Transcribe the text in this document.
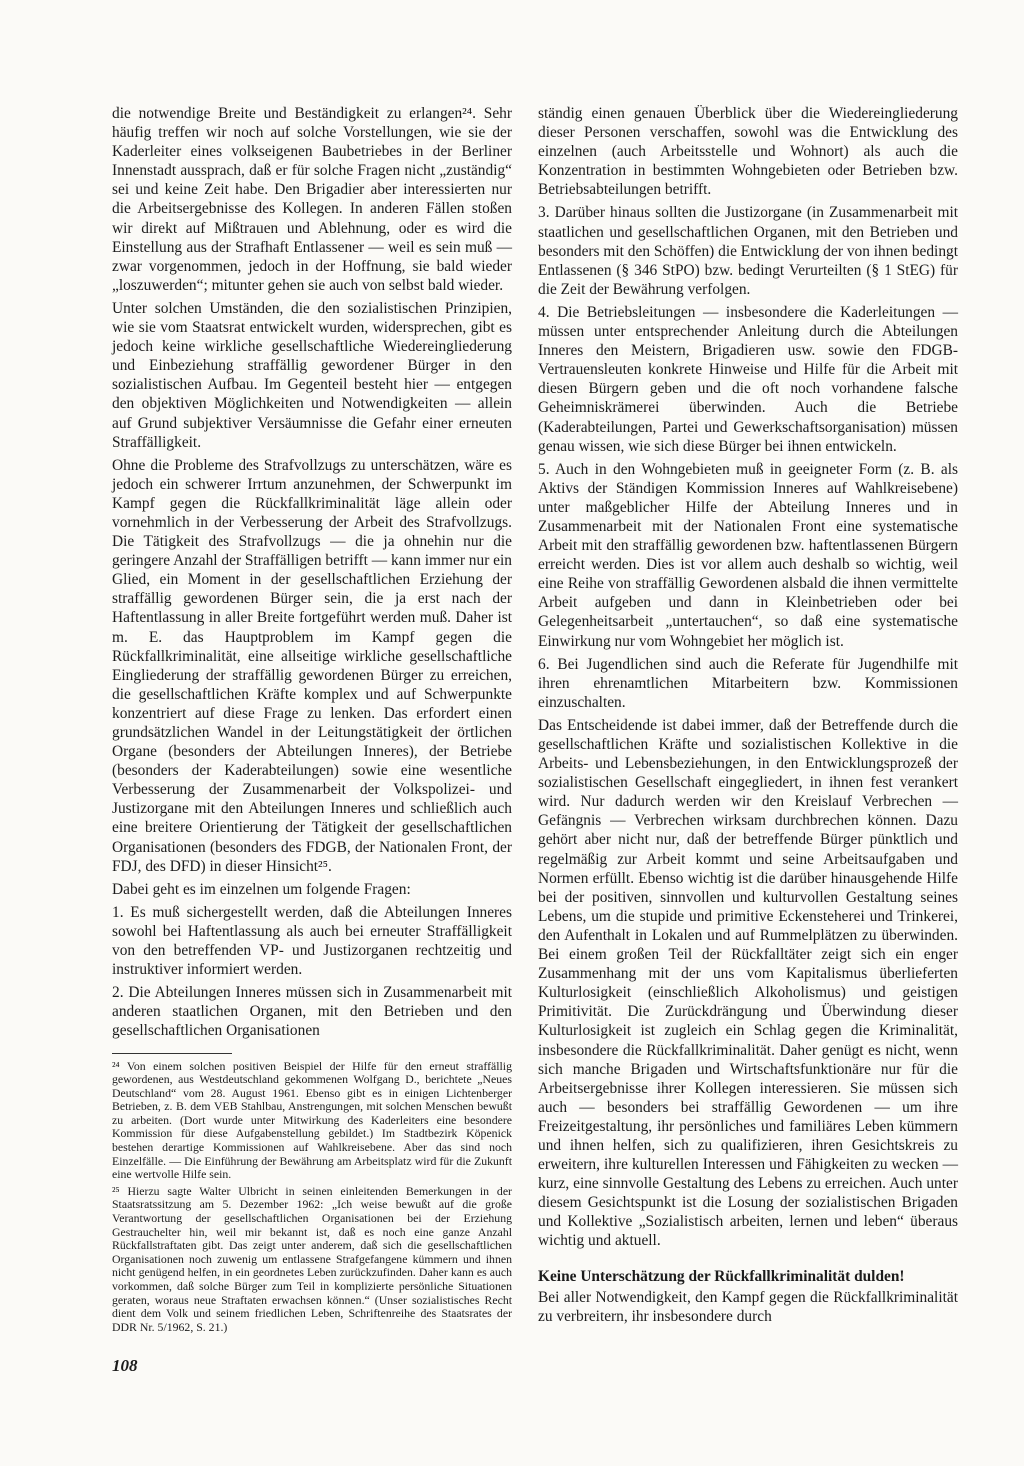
die notwendige Breite und Beständigkeit zu erlangen²⁴. Sehr häufig treffen wir noch auf solche Vorstellungen, wie sie der Kaderleiter eines volkseigenen Baubetriebes in der Berliner Innenstadt aussprach, daß er für solche Fragen nicht „zuständig“ sei und keine Zeit habe. Den Brigadier aber interessierten nur die Arbeitsergebnisse des Kollegen. In anderen Fällen stoßen wir direkt auf Mißtrauen und Ablehnung, oder es wird die Einstellung aus der Strafhaft Entlassener — weil es sein muß — zwar vorgenommen, jedoch in der Hoffnung, sie bald wieder „loszuwerden“; mitunter gehen sie auch von selbst bald wieder.

Unter solchen Umständen, die den sozialistischen Prinzipien, wie sie vom Staatsrat entwickelt wurden, widersprechen, gibt es jedoch keine wirkliche gesellschaftliche Wiedereingliederung und Einbeziehung straffällig gewordener Bürger in den sozialistischen Aufbau. Im Gegenteil besteht hier — entgegen den objektiven Möglichkeiten und Notwendigkeiten — allein auf Grund subjektiver Versäumnisse die Gefahr einer erneuten Straffälligkeit.

Ohne die Probleme des Strafvollzugs zu unterschätzen, wäre es jedoch ein schwerer Irrtum anzunehmen, der Schwerpunkt im Kampf gegen die Rückfallkriminalität läge allein oder vornehmlich in der Verbesserung der Arbeit des Strafvollzugs. Die Tätigkeit des Strafvollzugs — die ja ohnehin nur die geringere Anzahl der Straffälligen betrifft — kann immer nur ein Glied, ein Moment in der gesellschaftlichen Erziehung der straffällig gewordenen Bürger sein, die ja erst nach der Haftentlassung in aller Breite fortgeführt werden muß. Daher ist m. E. das Hauptproblem im Kampf gegen die Rückfallkriminalität, eine allseitige wirkliche gesellschaftliche Eingliederung der straffällig gewordenen Bürger zu erreichen, die gesellschaftlichen Kräfte komplex und auf Schwerpunkte konzentriert auf diese Frage zu lenken. Das erfordert einen grundsätzlichen Wandel in der Leitungstätigkeit der örtlichen Organe (besonders der Abteilungen Inneres), der Betriebe (besonders der Kaderabteilungen) sowie eine wesentliche Verbesserung der Zusammenarbeit der Volkspolizei- und Justizorgane mit den Abteilungen Inneres und schließlich auch eine breitere Orientierung der Tätigkeit der gesellschaftlichen Organisationen (besonders des FDGB, der Nationalen Front, der FDJ, des DFD) in dieser Hinsicht²⁵.

Dabei geht es im einzelnen um folgende Fragen:

1. Es muß sichergestellt werden, daß die Abteilungen Inneres sowohl bei Haftentlassung als auch bei erneuter Straffälligkeit von den betreffenden VP- und Justizorganen rechtzeitig und instruktiver informiert werden.

2. Die Abteilungen Inneres müssen sich in Zusammenarbeit mit anderen staatlichen Organen, mit den Betrieben und den gesellschaftlichen Organisationen

²⁴ Von einem solchen positiven Beispiel der Hilfe für den erneut straffällig gewordenen, aus Westdeutschland gekommenen Wolfgang D., berichtete „Neues Deutschland“ vom 28. August 1961. Ebenso gibt es in einigen Lichtenberger Betrieben, z. B. dem VEB Stahlbau, Anstrengungen, mit solchen Menschen bewußt zu arbeiten. (Dort wurde unter Mitwirkung des Kaderleiters eine besondere Kommission für diese Aufgabenstellung gebildet.) Im Stadtbezirk Köpenick bestehen derartige Kommissionen auf Wahlkreisebene. Aber das sind noch Einzelfälle. — Die Einführung der Bewährung am Arbeitsplatz wird für die Zukunft eine wertvolle Hilfe sein.

²⁵ Hierzu sagte Walter Ulbricht in seinen einleitenden Bemerkungen in der Staatsratssitzung am 5. Dezember 1962: „Ich weise bewußt auf die große Verantwortung der gesellschaftlichen Organisationen bei der Erziehung Gestrauchelter hin, weil mir bekannt ist, daß es noch eine ganze Anzahl Rückfallstraftaten gibt. Das zeigt unter anderem, daß sich die gesellschaftlichen Organisationen noch zuwenig um entlassene Strafgefangene kümmern und ihnen nicht genügend helfen, in ein geordnetes Leben zurückzufinden. Daher kann es auch vorkommen, daß solche Bürger zum Teil in komplizierte persönliche Situationen geraten, woraus neue Straftaten erwachsen können.“ (Unser sozialistisches Recht dient dem Volk und seinem friedlichen Leben, Schriftenreihe des Staatsrates der DDR Nr. 5/1962, S. 21.)

ständig einen genauen Überblick über die Wiedereingliederung dieser Personen verschaffen, sowohl was die Entwicklung des einzelnen (auch Arbeitsstelle und Wohnort) als auch die Konzentration in bestimmten Wohngebieten oder Betrieben bzw. Betriebsabteilungen betrifft.

3. Darüber hinaus sollten die Justizorgane (in Zusammenarbeit mit staatlichen und gesellschaftlichen Organen, mit den Betrieben und besonders mit den Schöffen) die Entwicklung der von ihnen bedingt Entlassenen (§ 346 StPO) bzw. bedingt Verurteilten (§ 1 StEG) für die Zeit der Bewährung verfolgen.

4. Die Betriebsleitungen — insbesondere die Kaderleitungen — müssen unter entsprechender Anleitung durch die Abteilungen Inneres den Meistern, Brigadieren usw. sowie den FDGB-Vertrauensleuten konkrete Hinweise und Hilfe für die Arbeit mit diesen Bürgern geben und die oft noch vorhandene falsche Geheimniskrämerei überwinden. Auch die Betriebe (Kaderabteilungen, Partei und Gewerkschaftsorganisation) müssen genau wissen, wie sich diese Bürger bei ihnen entwickeln.

5. Auch in den Wohngebieten muß in geeigneter Form (z. B. als Aktivs der Ständigen Kommission Inneres auf Wahlkreisebene) unter maßgeblicher Hilfe der Abteilung Inneres und in Zusammenarbeit mit der Nationalen Front eine systematische Arbeit mit den straffällig gewordenen bzw. haftentlassenen Bürgern erreicht werden. Dies ist vor allem auch deshalb so wichtig, weil eine Reihe von straffällig Gewordenen alsbald die ihnen vermittelte Arbeit aufgeben und dann in Kleinbetrieben oder bei Gelegenheitsarbeit „untertauchen“, so daß eine systematische Einwirkung nur vom Wohngebiet her möglich ist.

6. Bei Jugendlichen sind auch die Referate für Jugendhilfe mit ihren ehrenamtlichen Mitarbeitern bzw. Kommissionen einzuschalten.

Das Entscheidende ist dabei immer, daß der Betreffende durch die gesellschaftlichen Kräfte und sozialistischen Kollektive in die Arbeits- und Lebensbeziehungen, in den Entwicklungsprozeß der sozialistischen Gesellschaft eingegliedert, in ihnen fest verankert wird. Nur dadurch werden wir den Kreislauf Verbrechen — Gefängnis — Verbrechen wirksam durchbrechen können. Dazu gehört aber nicht nur, daß der betreffende Bürger pünktlich und regelmäßig zur Arbeit kommt und seine Arbeitsaufgaben und Normen erfüllt. Ebenso wichtig ist die darüber hinausgehende Hilfe bei der positiven, sinnvollen und kulturvollen Gestaltung seines Lebens, um die stupide und primitive Eckensteherei und Trinkerei, den Aufenthalt in Lokalen und auf Rummelplätzen zu überwinden. Bei einem großen Teil der Rückfalltäter zeigt sich ein enger Zusammenhang mit der uns vom Kapitalismus überlieferten Kulturlosigkeit (einschließlich Alkoholismus) und geistigen Primitivität. Die Zurückdrängung und Überwindung dieser Kulturlosigkeit ist zugleich ein Schlag gegen die Kriminalität, insbesondere die Rückfallkriminalität. Daher genügt es nicht, wenn sich manche Brigaden und Wirtschaftsfunktionäre nur für die Arbeitsergebnisse ihrer Kollegen interessieren. Sie müssen sich auch — besonders bei straffällig Gewordenen — um ihre Freizeitgestaltung, ihr persönliches und familiäres Leben kümmern und ihnen helfen, sich zu qualifizieren, ihren Gesichtskreis zu erweitern, ihre kulturellen Interessen und Fähigkeiten zu wecken — kurz, eine sinnvolle Gestaltung des Lebens zu erreichen. Auch unter diesem Gesichtspunkt ist die Losung der sozialistischen Brigaden und Kollektive „Sozialistisch arbeiten, lernen und leben“ überaus wichtig und aktuell.

Keine Unterschätzung der Rückfallkriminalität dulden!

Bei aller Notwendigkeit, den Kampf gegen die Rückfallkriminalität zu verbreitern, ihr insbesondere durch

108
